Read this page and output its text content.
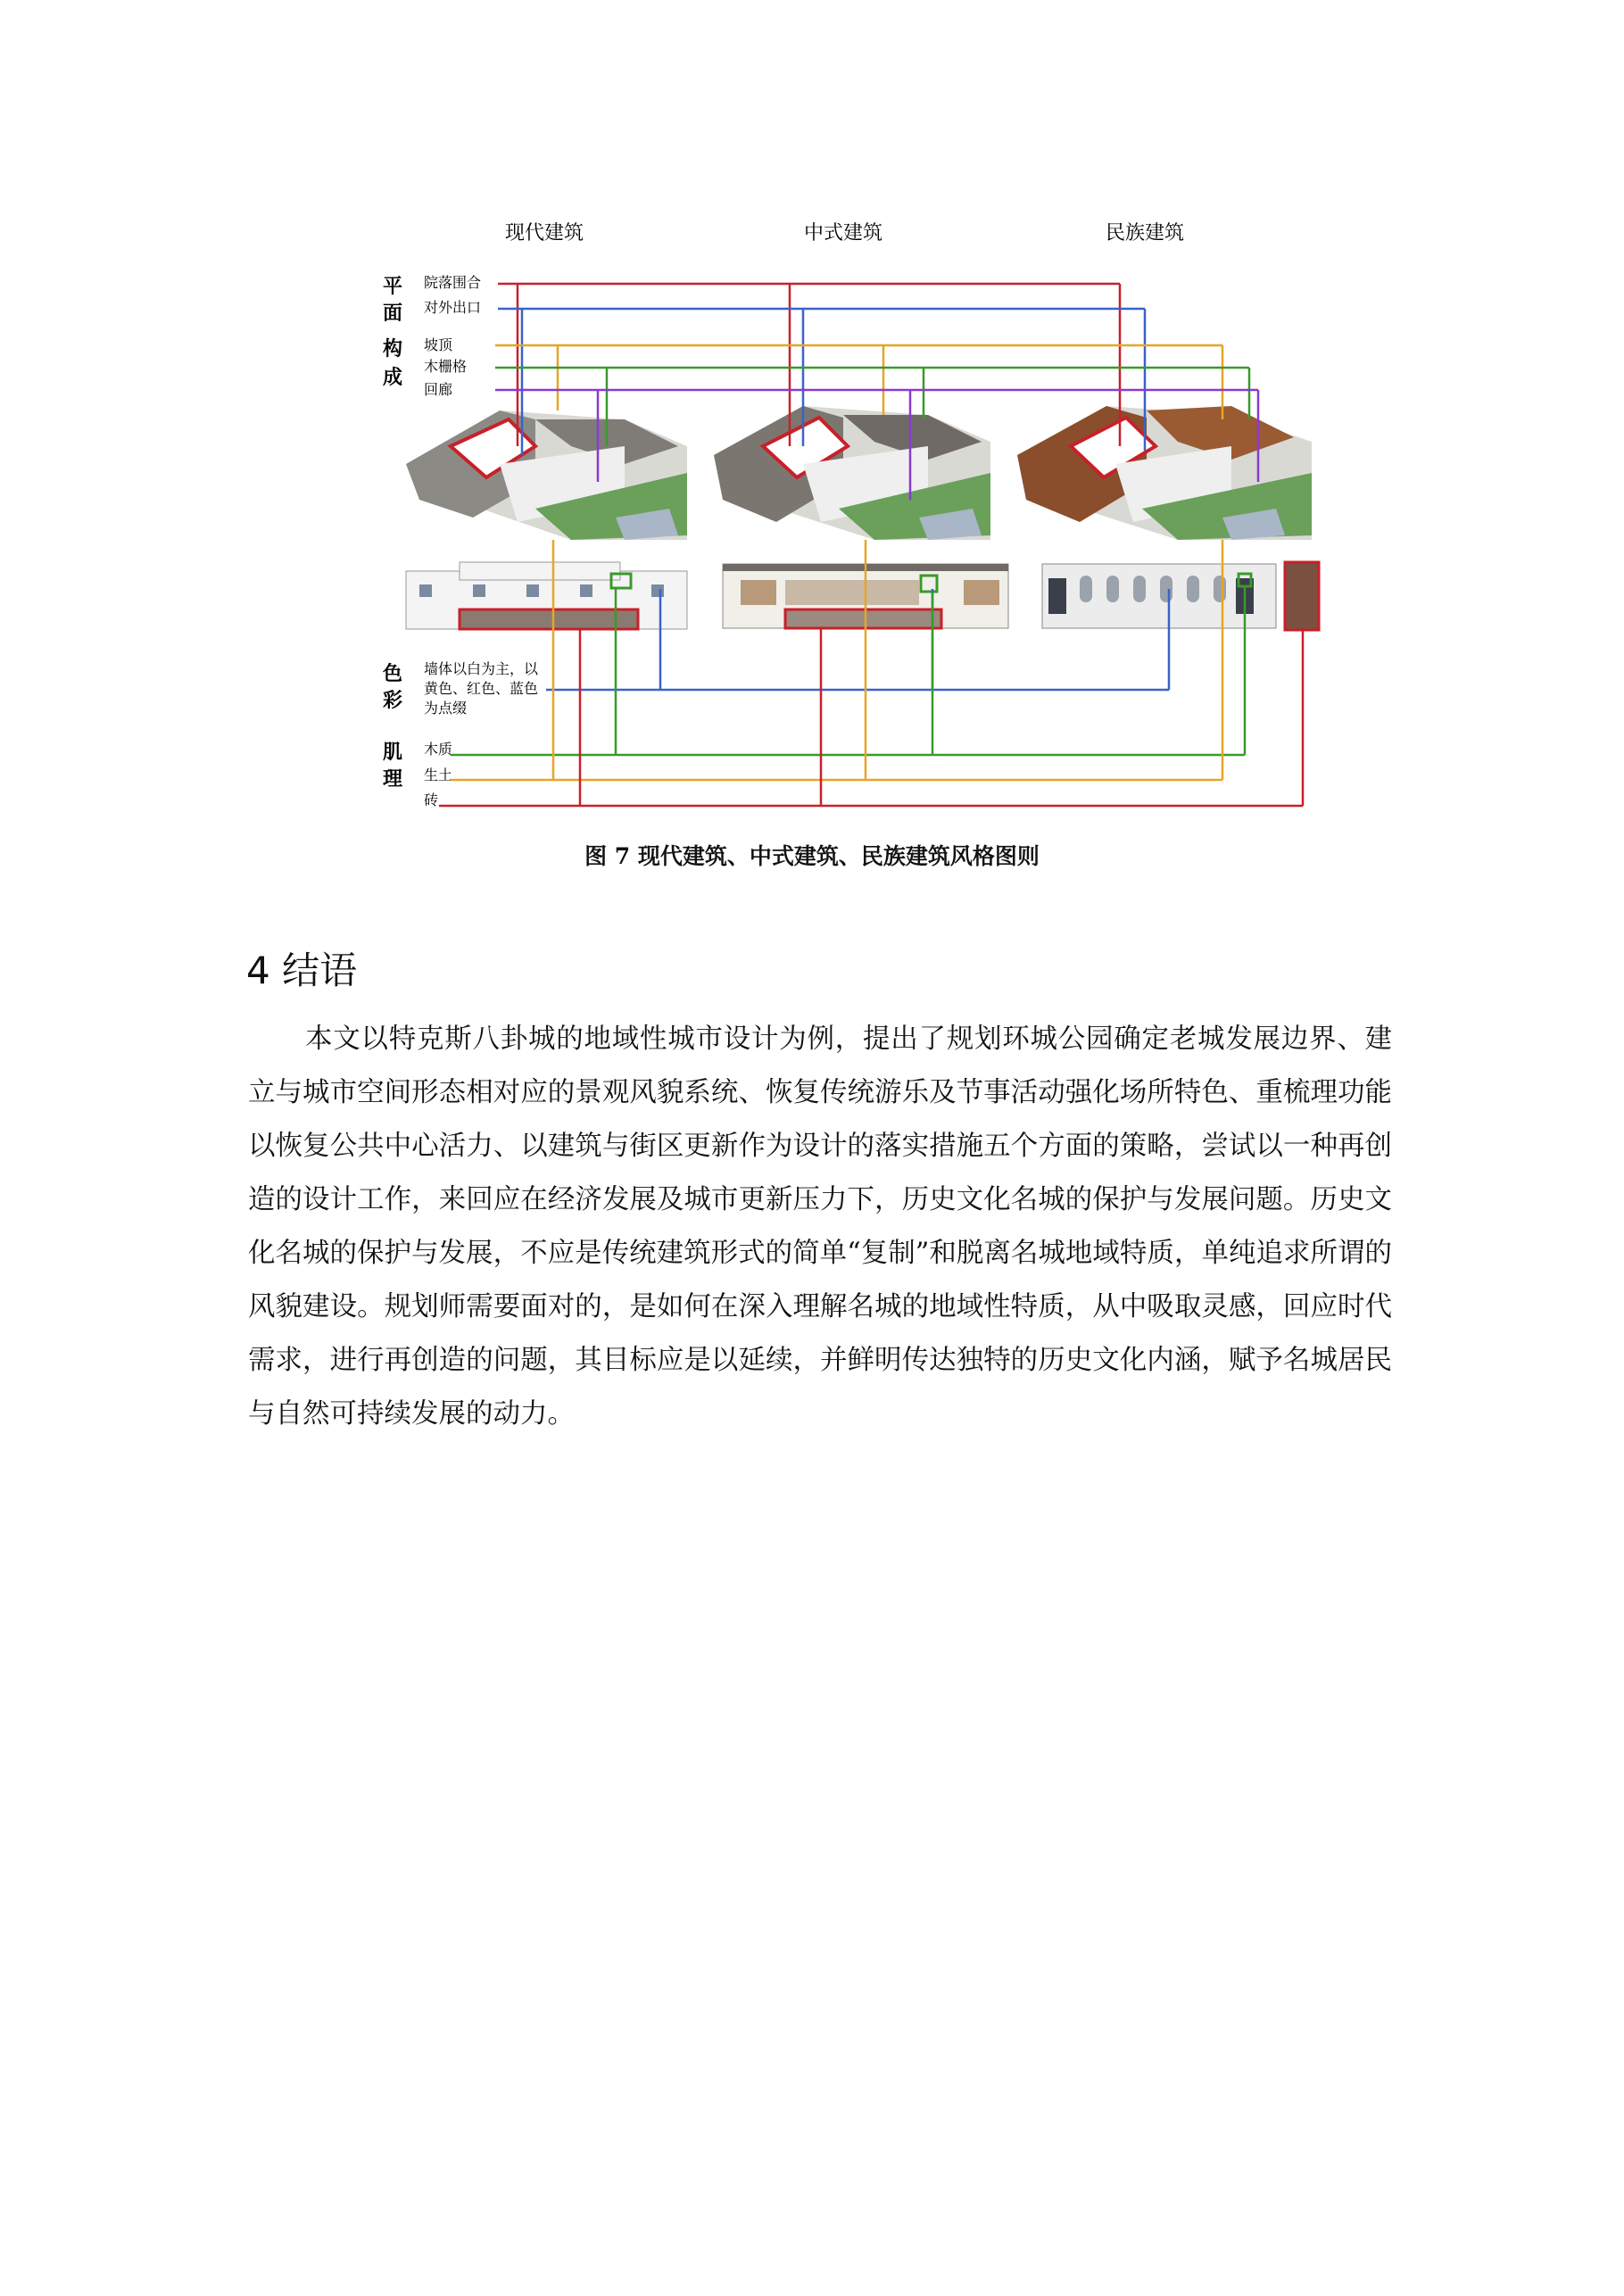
现代建筑	中式建筑	民族建筑
平
面
构
成
色
彩
肌
理
院落围合
对外出口
坡顶
木栅格
回廊
墙体以白为主，以
黄色、红色、蓝色
为点缀
木质
生土
砖
图 7 现代建筑、中式建筑、民族建筑风格图则
4 结语

本文以特克斯八卦城的地域性城市设计为例，提出了规划环城公园确定老城发展边界、建立与城市空间形态相对应的景观风貌系统、恢复传统游乐及节事活动强化场所特色、重梳理功能以恢复公共中心活力、以建筑与街区更新作为设计的落实措施五个方面的策略，尝试以一种再创造的设计工作，来回应在经济发展及城市更新压力下，历史文化名城的保护与发展问题。历史文化名城的保护与发展，不应是传统建筑形式的简单“复制”和脱离名城地域特质，单纯追求所谓的风貌建设。规划师需要面对的，是如何在深入理解名城的地域性特质，从中吸取灵感，回应时代需求，进行再创造的问题，其目标应是以延续，并鲜明传达独特的历史文化内涵，赋予名城居民与自然可持续发展的动力。
